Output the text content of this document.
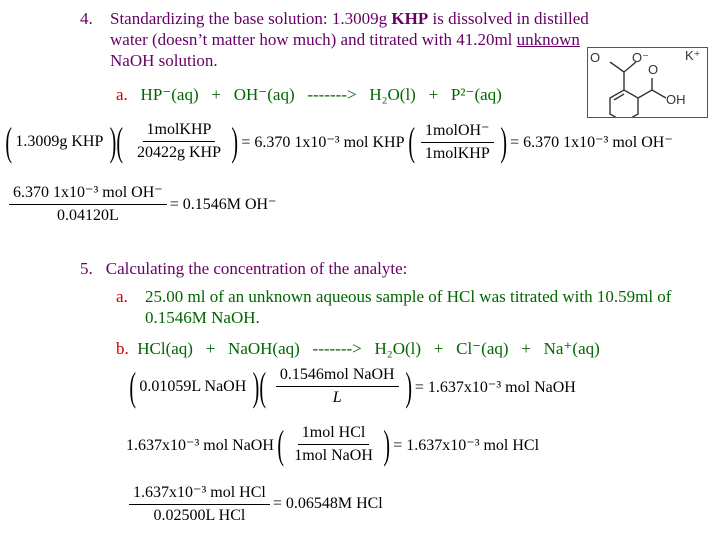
4. Standardizing the base solution: 1.3009g KHP is dissolved in distilled water (doesn’t matter how much) and titrated with 41.20ml unknown NaOH solution.
a. HP⁻(aq)   +   OH⁻(aq)   ------->   H₂O(l)   +   P²⁻(aq)
O O⁻	K⁺
O
OH
( 1.3009g KHP )( $\frac{\text{1molKHP}}{\text{20422g KHP}}$ ) = 6.370 1x10⁻³ mol KHP ( $\frac{\text{1molOH⁻}}{\text{1molKHP}}$ ) = 6.370 1x10⁻³ mol OH⁻
$\frac{\text{6.370 1x10⁻³ mol OH⁻}}{0.04120L} = 0.1546M$ OH⁻
5. Calculating the concentration of the analyte:
a. 25.00 ml of an unknown aqueous sample of HCl was titrated with 10.59ml of 0.1546M NaOH.
b. HCl(aq)   +   NaOH(aq)   ------->   H₂O(l)   +   Cl⁻(aq)   +   Na⁺(aq)
( 0.01059L NaOH )( $\frac{\text{0.1546mol NaOH}}{L}$ ) = 1.637x10⁻³ mol NaOH
1.637x10⁻³ mol NaOH ( $\frac{\text{1mol HCl}}{\text{1mol NaOH}}$ ) = 1.637x10⁻³ mol HCl
$\frac{\text{1.637x10⁻³ mol HCl}}{\text{0.02500L HCl}} = 0.06548M$ HCl
